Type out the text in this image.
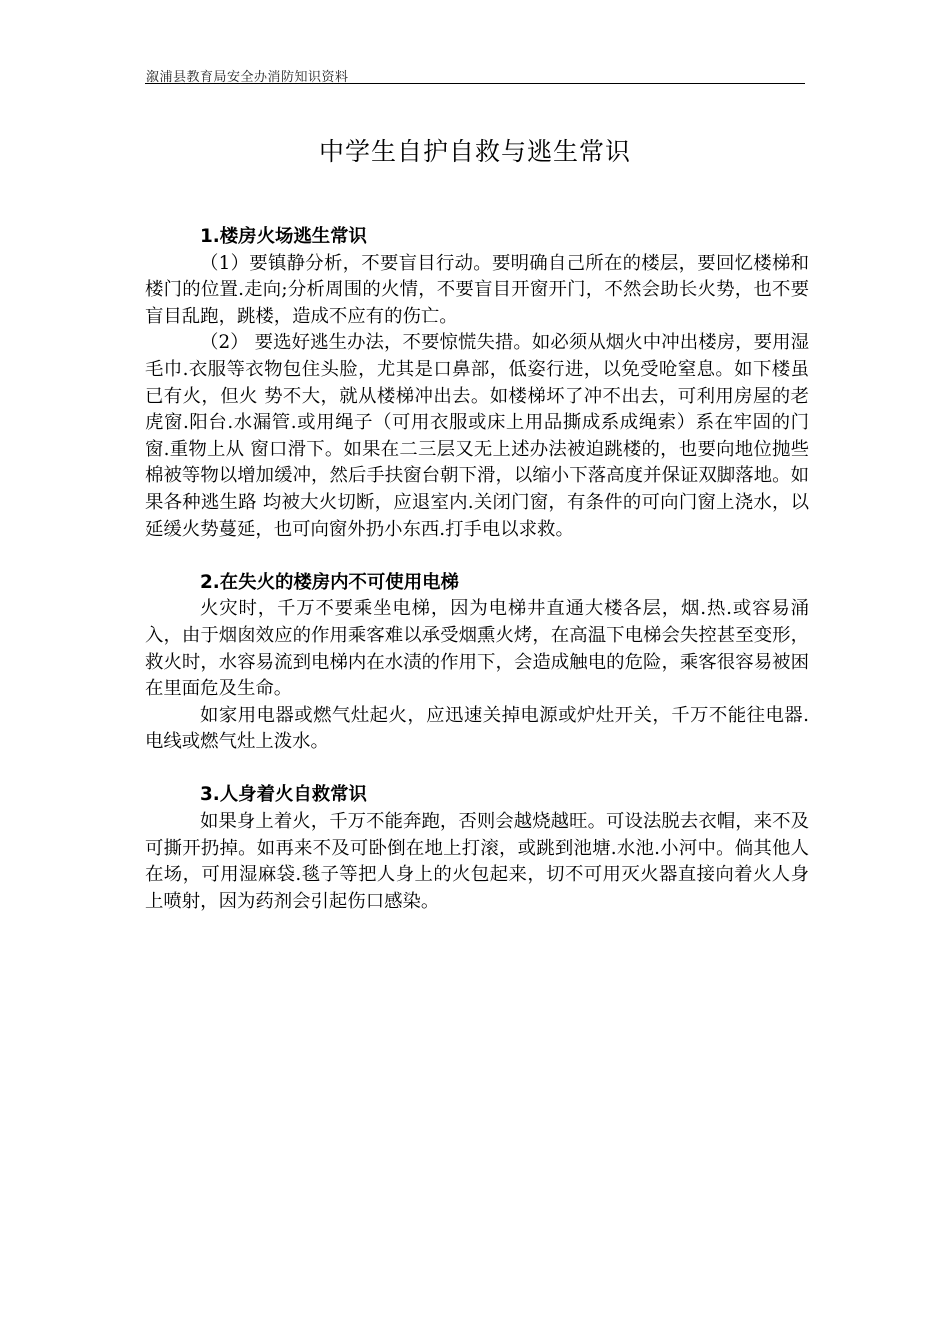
溆浦县教育局安全办消防知识资料
中学生自护自救与逃生常识
1.楼房火场逃生常识

（1）要镇静分析，不要盲目行动。要明确自己所在的楼层，要回忆楼梯和楼门的位置.走向;分析周围的火情，不要盲目开窗开门，不然会助长火势，也不要盲目乱跑，跳楼，造成不应有的伤亡。

（2） 要选好逃生办法，不要惊慌失措。如必须从烟火中冲出楼房，要用湿毛巾.衣服等衣物包住头脸，尤其是口鼻部，低姿行进，以免受呛窒息。如下楼虽已有火，但火 势不大，就从楼梯冲出去。如楼梯坏了冲不出去，可利用房屋的老虎窗.阳台.水漏管.或用绳子（可用衣服或床上用品撕成系成绳索）系在牢固的门窗.重物上从 窗口滑下。如果在二三层又无上述办法被迫跳楼的，也要向地位抛些棉被等物以增加缓冲，然后手扶窗台朝下滑，以缩小下落高度并保证双脚落地。如果各种逃生路 均被大火切断，应退室内.关闭门窗，有条件的可向门窗上浇水，以延缓火势蔓延，也可向窗外扔小东西.打手电以求救。

2.在失火的楼房内不可使用电梯

火灾时，千万不要乘坐电梯，因为电梯井直通大楼各层，烟.热.或容易涌入，由于烟囱效应的作用乘客难以承受烟熏火烤，在高温下电梯会失控甚至变形，救火时，水容易流到电梯内在水渍的作用下，会造成触电的危险，乘客很容易被困在里面危及生命。

如家用电器或燃气灶起火，应迅速关掉电源或炉灶开关，千万不能往电器.电线或燃气灶上泼水。

3.人身着火自救常识

如果身上着火，千万不能奔跑，否则会越烧越旺。可设法脱去衣帽，来不及可撕开扔掉。如再来不及可卧倒在地上打滚，或跳到池塘.水池.小河中。倘其他人在场，可用湿麻袋.毯子等把人身上的火包起来，切不可用灭火器直接向着火人身上喷射，因为药剂会引起伤口感染。
